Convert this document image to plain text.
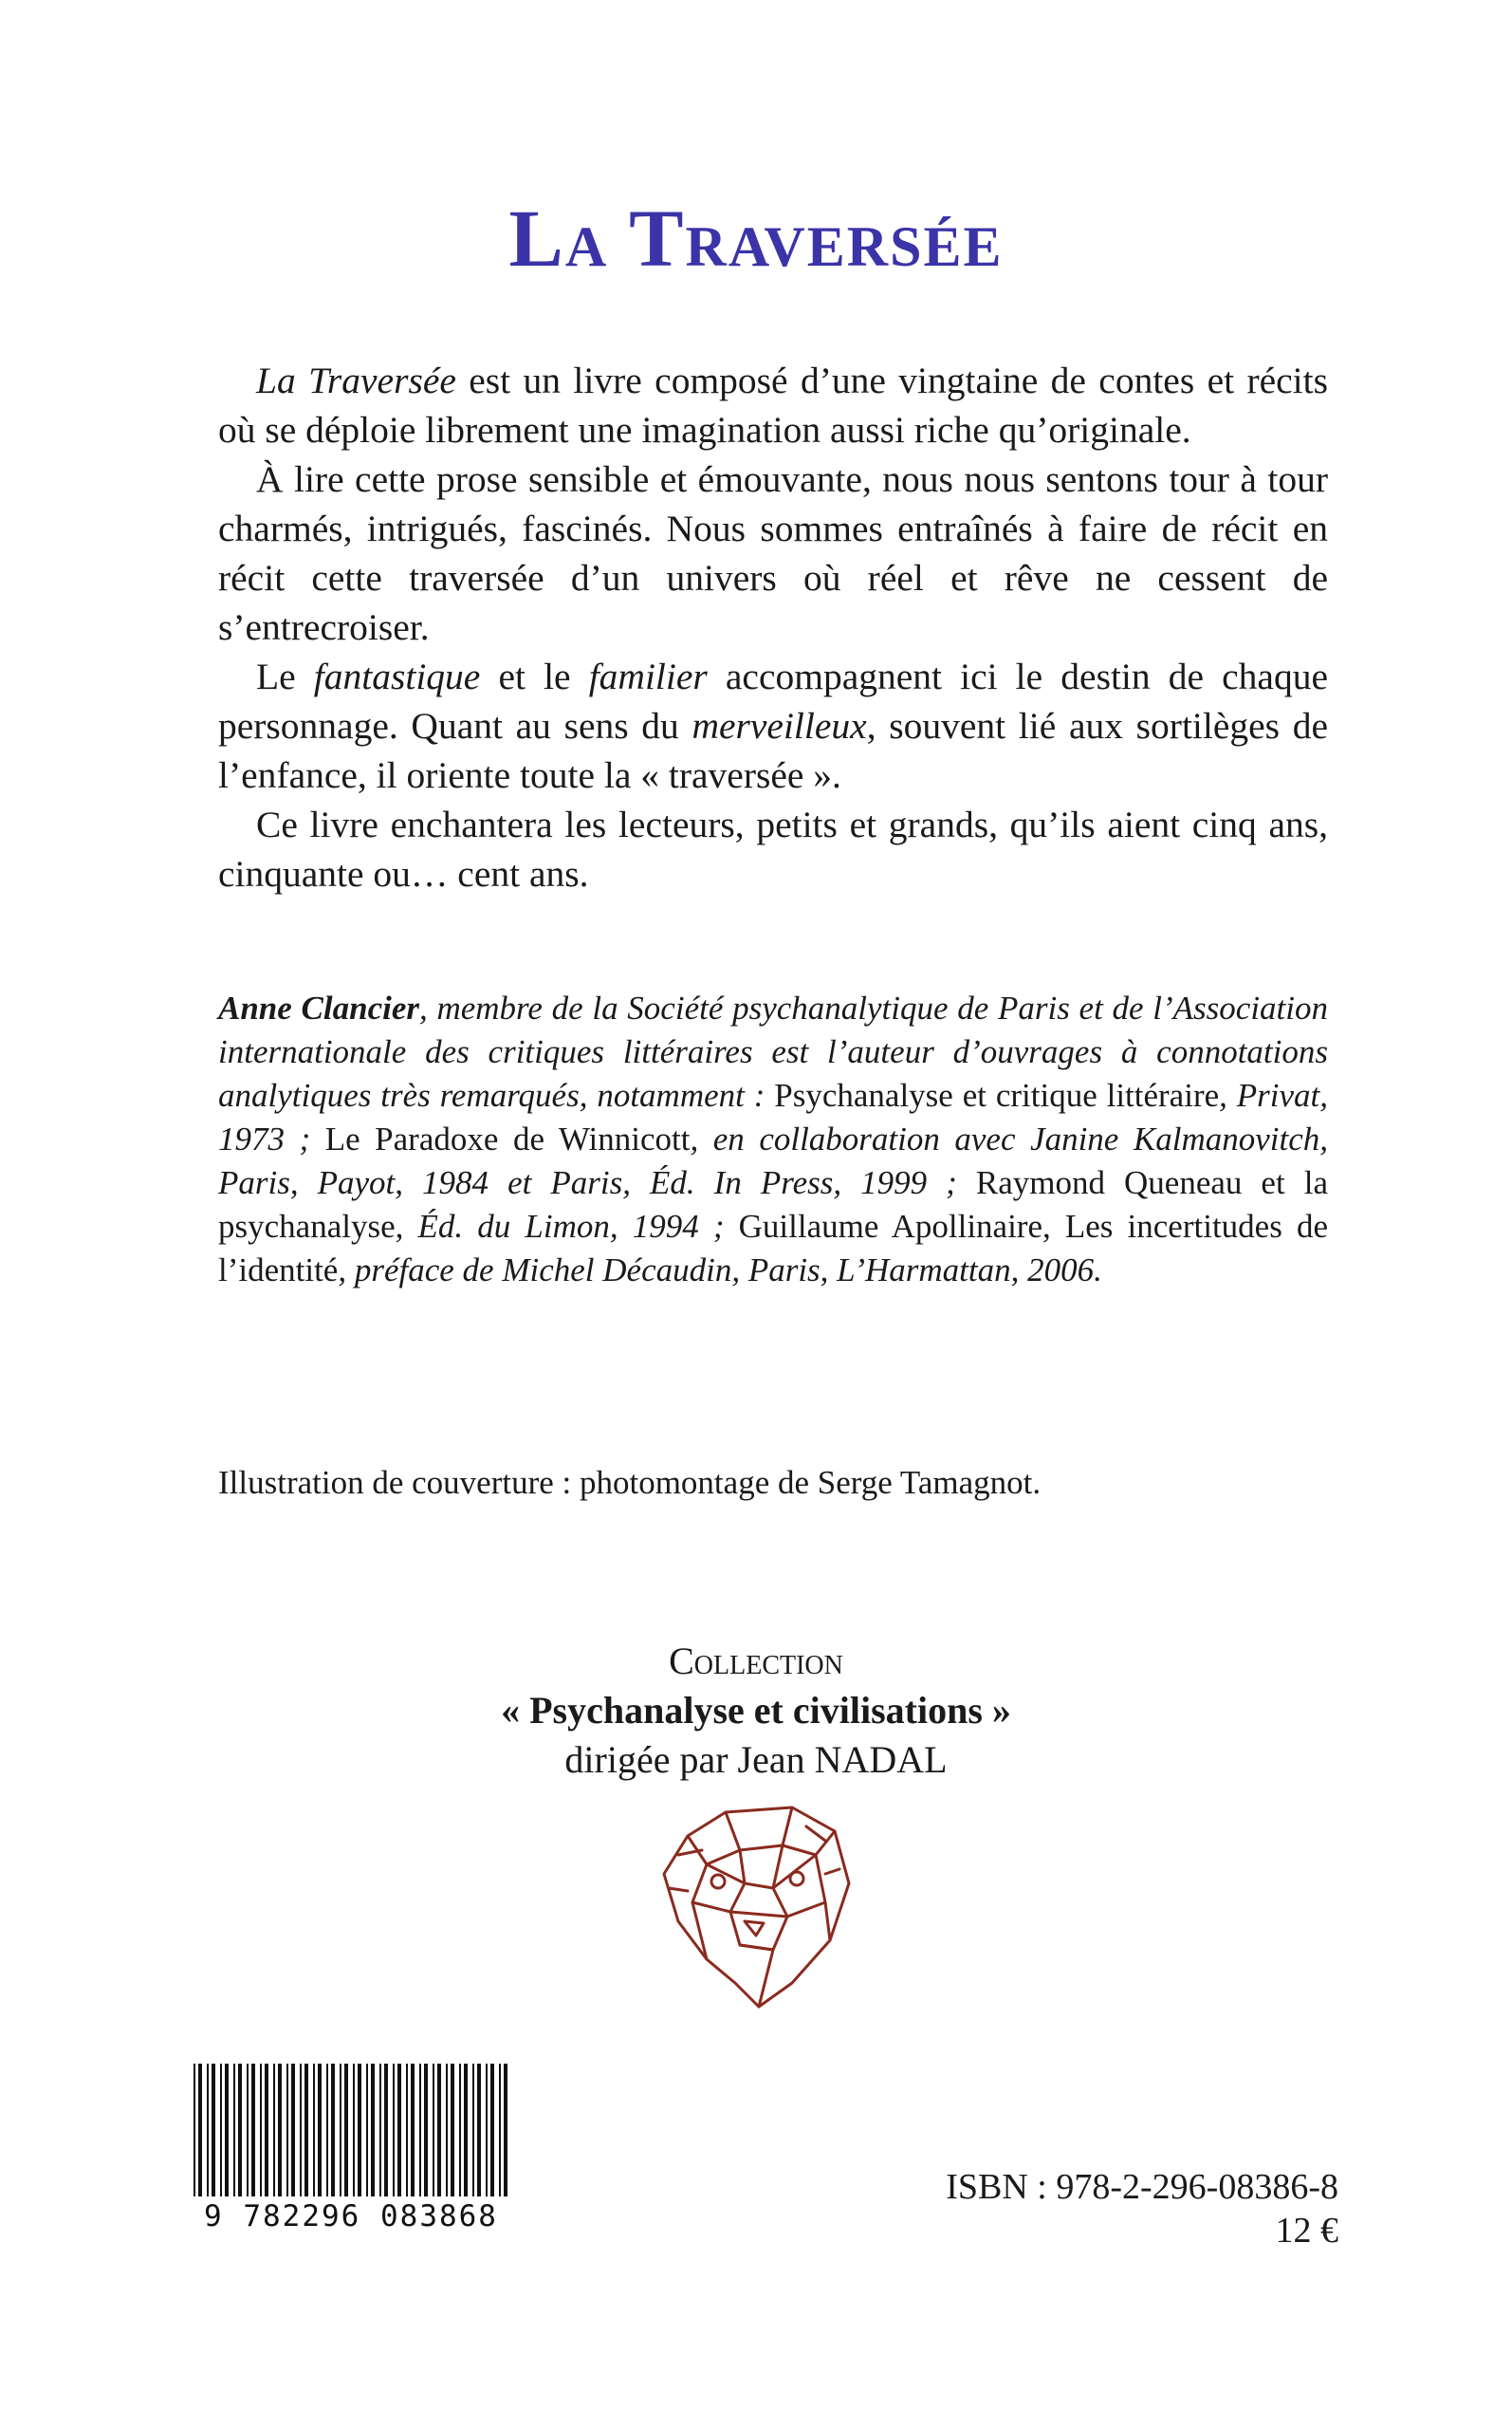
La Traversée

La Traversée est un livre composé d’une vingtaine de contes et récits où se déploie librement une imagination aussi riche qu’originale.

À lire cette prose sensible et émouvante, nous nous sentons tour à tour charmés, intrigués, fascinés. Nous sommes entraînés à faire de récit en récit cette traversée d’un univers où réel et rêve ne cessent de s’entrecroiser.

Le fantastique et le familier accompagnent ici le destin de chaque personnage. Quant au sens du merveilleux, souvent lié aux sortilèges de l’enfance, il oriente toute la « traversée ».

Ce livre enchantera les lecteurs, petits et grands, qu’ils aient cinq ans, cinquante ou… cent ans.

Anne Clancier, membre de la Société psychanalytique de Paris et de l’Association internationale des critiques littéraires est l’auteur d’ouvrages à connotations analytiques très remarqués, notamment : Psychanalyse et critique littéraire, Privat, 1973 ; Le Paradoxe de Winnicott, en collaboration avec Janine Kalmanovitch, Paris, Payot, 1984 et Paris, Éd. In Press, 1999 ; Raymond Queneau et la psychanalyse, Éd. du Limon, 1994 ; Guillaume Apollinaire, Les incertitudes de l’identité, préface de Michel Décaudin, Paris, L’Harmattan, 2006.

Illustration de couverture : photomontage de Serge Tamagnot.
Collection
« Psychanalyse et civilisations »
dirigée par Jean NADAL
9 782296 083868
ISBN : 978-2-296-08386-8
12 €
